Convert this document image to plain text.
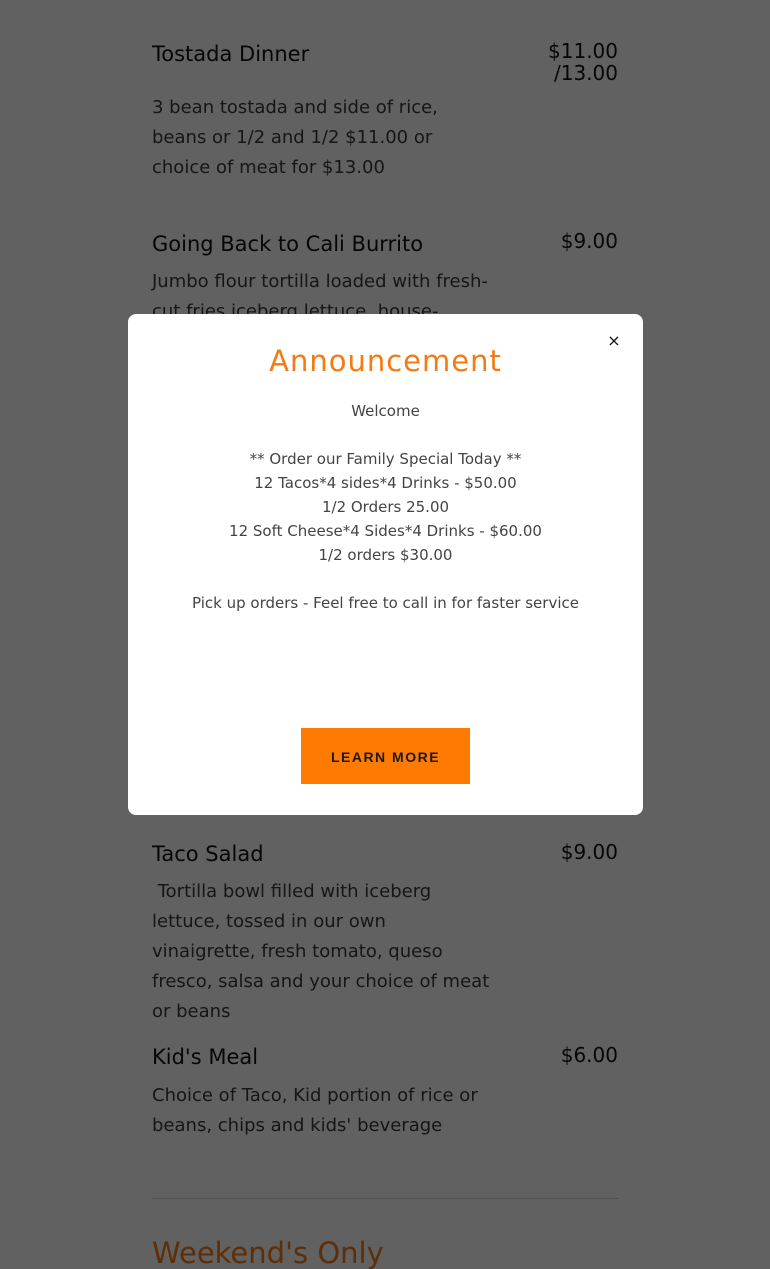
×
Announcement
Welcome
** Order our Family Special Today **
12 Tacos*4 sides*4 Drinks - $50.00
1/2 Orders 25.00
12 Soft Cheese*4 Sides*4 Drinks - $60.00
1/2 orders $30.00
Pick up orders - Feel free to call in for faster service
LEARN MORE
